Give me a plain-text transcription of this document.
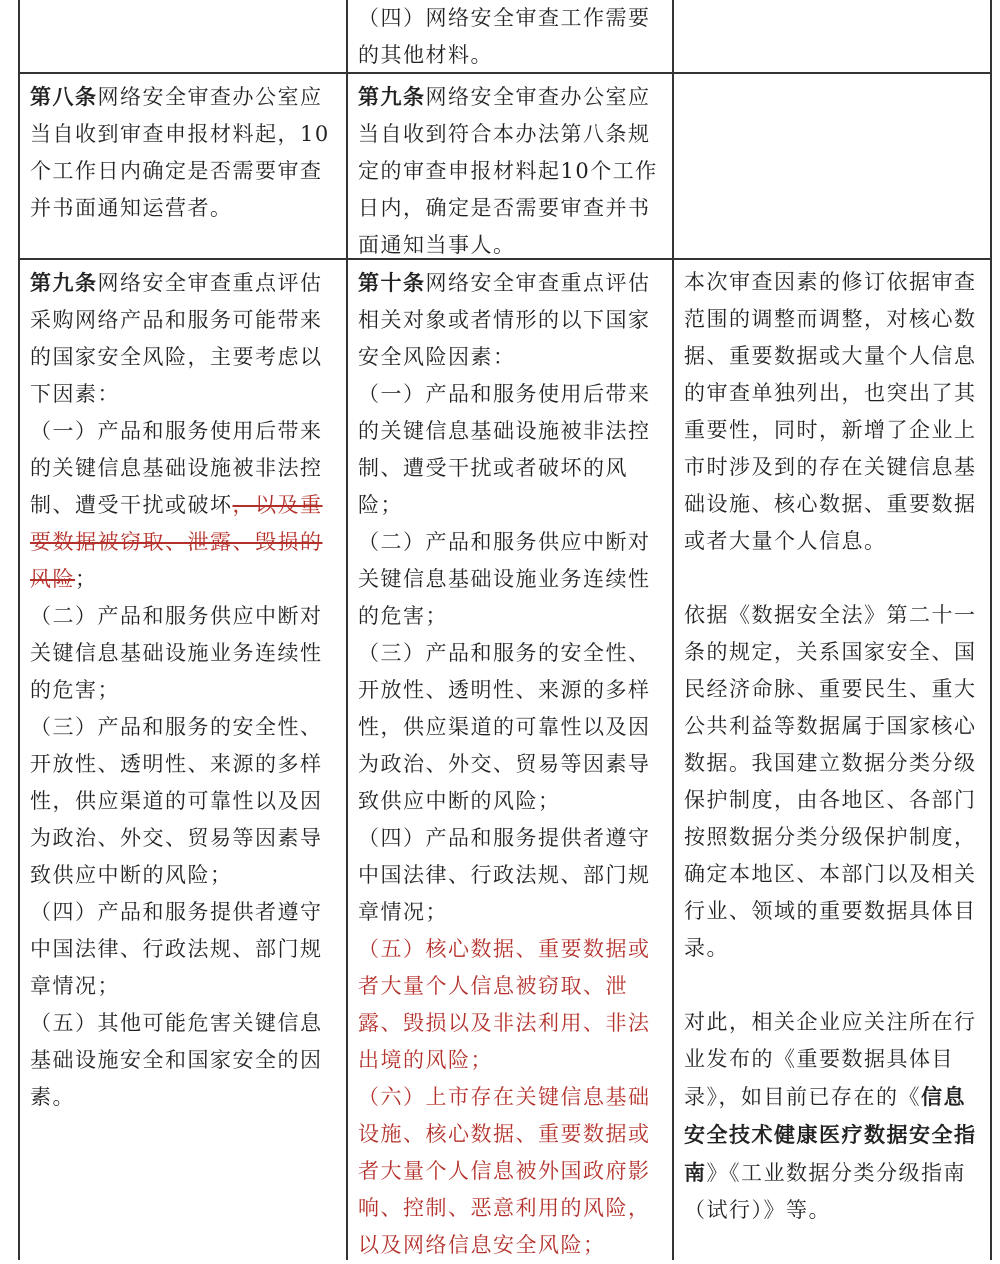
（四）网络安全审查工作需要的其他材料。

第八条网络安全审查办公室应当自收到审查申报材料起，10个工作日内确定是否需要审查并书面通知运营者。

第九条网络安全审查办公室应当自收到符合本办法第八条规定的审查申报材料起10个工作日内，确定是否需要审查并书面通知当事人。

第九条网络安全审查重点评估采购网络产品和服务可能带来的国家安全风险，主要考虑以下因素：

（一）产品和服务使用后带来的关键信息基础设施被非法控制、遭受干扰或破坏，以及重要数据被窃取、泄露、毁损的风险；

（二）产品和服务供应中断对关键信息基础设施业务连续性的危害；

（三）产品和服务的安全性、开放性、透明性、来源的多样性，供应渠道的可靠性以及因为政治、外交、贸易等因素导致供应中断的风险；

（四）产品和服务提供者遵守中国法律、行政法规、部门规章情况；

（五）其他可能危害关键信息基础设施安全和国家安全的因素。

第十条网络安全审查重点评估相关对象或者情形的以下国家安全风险因素：

（一）产品和服务使用后带来的关键信息基础设施被非法控制、遭受干扰或者破坏的风险；

（二）产品和服务供应中断对关键信息基础设施业务连续性的危害；

（三）产品和服务的安全性、开放性、透明性、来源的多样性，供应渠道的可靠性以及因为政治、外交、贸易等因素导致供应中断的风险；

（四）产品和服务提供者遵守中国法律、行政法规、部门规章情况；

（五）核心数据、重要数据或者大量个人信息被窃取、泄露、毁损以及非法利用、非法出境的风险；

（六）上市存在关键信息基础设施、核心数据、重要数据或者大量个人信息被外国政府影响、控制、恶意利用的风险，以及网络信息安全风险；

本次审查因素的修订依据审查范围的调整而调整，对核心数据、重要数据或大量个人信息的审查单独列出，也突出了其重要性，同时，新增了企业上市时涉及到的存在关键信息基础设施、核心数据、重要数据或者大量个人信息。

依据《数据安全法》第二十一条的规定，关系国家安全、国民经济命脉、重要民生、重大公共利益等数据属于国家核心数据。我国建立数据分类分级保护制度，由各地区、各部门按照数据分类分级保护制度，确定本地区、本部门以及相关行业、领域的重要数据具体目录。

对此，相关企业应关注所在行业发布的《重要数据具体目录》，如目前已存在的《信息安全技术健康医疗数据安全指南》《工业数据分类分级指南（试行）》等。
